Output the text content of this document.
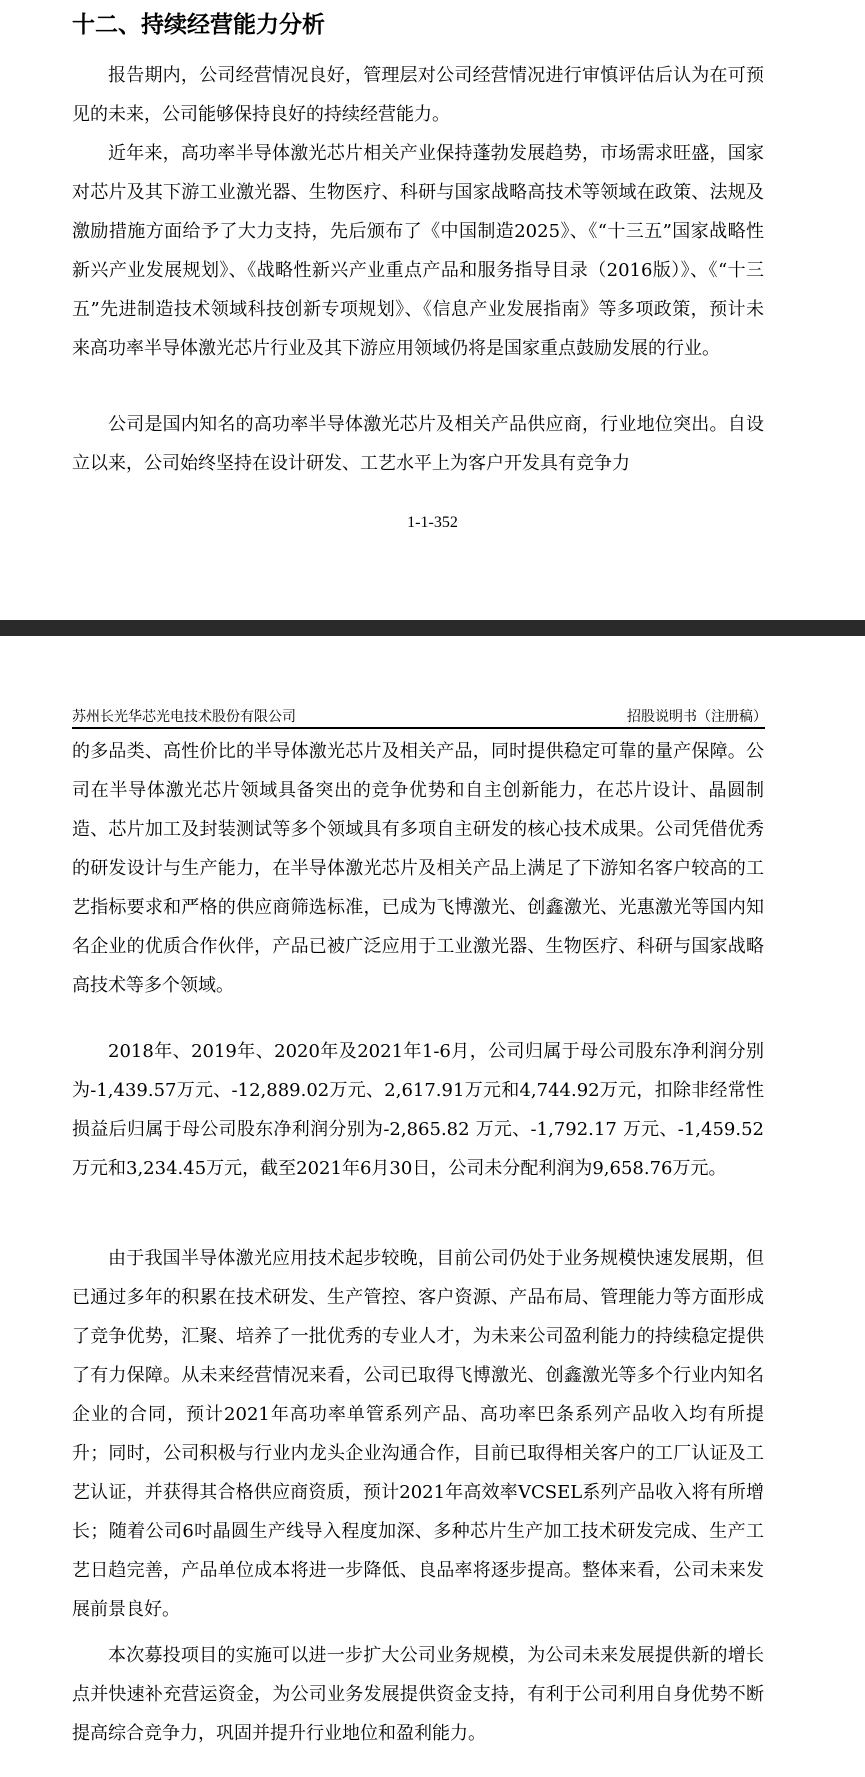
十二、持续经营能力分析

报告期内，公司经营情况良好，管理层对公司经营情况进行审慎评估后认为在可预见的未来，公司能够保持良好的持续经营能力。

近年来，高功率半导体激光芯片相关产业保持蓬勃发展趋势，市场需求旺盛，国家对芯片及其下游工业激光器、生物医疗、科研与国家战略高技术等领域在政策、法规及激励措施方面给予了大力支持，先后颁布了《中国制造2025》、《“十三五”国家战略性新兴产业发展规划》、《战略性新兴产业重点产品和服务指导目录（2016版）》、《“十三五”先进制造技术领域科技创新专项规划》、《信息产业发展指南》等多项政策，预计未来高功率半导体激光芯片行业及其下游应用领域仍将是国家重点鼓励发展的行业。

公司是国内知名的高功率半导体激光芯片及相关产品供应商，行业地位突出。自设立以来，公司始终坚持在设计研发、工艺水平上为客户开发具有竞争力

1-1-352
苏州长光华芯光电技术股份有限公司	招股说明书（注册稿）

的多品类、高性价比的半导体激光芯片及相关产品，同时提供稳定可靠的量产保障。公司在半导体激光芯片领域具备突出的竞争优势和自主创新能力，在芯片设计、晶圆制造、芯片加工及封装测试等多个领域具有多项自主研发的核心技术成果。公司凭借优秀的研发设计与生产能力，在半导体激光芯片及相关产品上满足了下游知名客户较高的工艺指标要求和严格的供应商筛选标准，已成为飞博激光、创鑫激光、光惠激光等国内知名企业的优质合作伙伴，产品已被广泛应用于工业激光器、生物医疗、科研与国家战略高技术等多个领域。

2018年、2019年、2020年及2021年1-6月，公司归属于母公司股东净利润分别为-1,439.57万元、-12,889.02万元、2,617.91万元和4,744.92万元，扣除非经常性损益后归属于母公司股东净利润分别为-2,865.82 万元、-1,792.17 万元、-1,459.52万元和3,234.45万元，截至2021年6月30日，公司未分配利润为9,658.76万元。

由于我国半导体激光应用技术起步较晚，目前公司仍处于业务规模快速发展期，但已通过多年的积累在技术研发、生产管控、客户资源、产品布局、管理能力等方面形成了竞争优势，汇聚、培养了一批优秀的专业人才，为未来公司盈利能力的持续稳定提供了有力保障。从未来经营情况来看，公司已取得飞博激光、创鑫激光等多个行业内知名企业的合同，预计2021年高功率单管系列产品、高功率巴条系列产品收入均有所提升；同时，公司积极与行业内龙头企业沟通合作，目前已取得相关客户的工厂认证及工艺认证，并获得其合格供应商资质，预计2021年高效率VCSEL系列产品收入将有所增长；随着公司6吋晶圆生产线导入程度加深、多种芯片生产加工技术研发完成、生产工艺日趋完善，产品单位成本将进一步降低、良品率将逐步提高。整体来看，公司未来发展前景良好。

本次募投项目的实施可以进一步扩大公司业务规模，为公司未来发展提供新的增长点并快速补充营运资金，为公司业务发展提供资金支持，有利于公司利用自身优势不断提高综合竞争力，巩固并提升行业地位和盈利能力。
